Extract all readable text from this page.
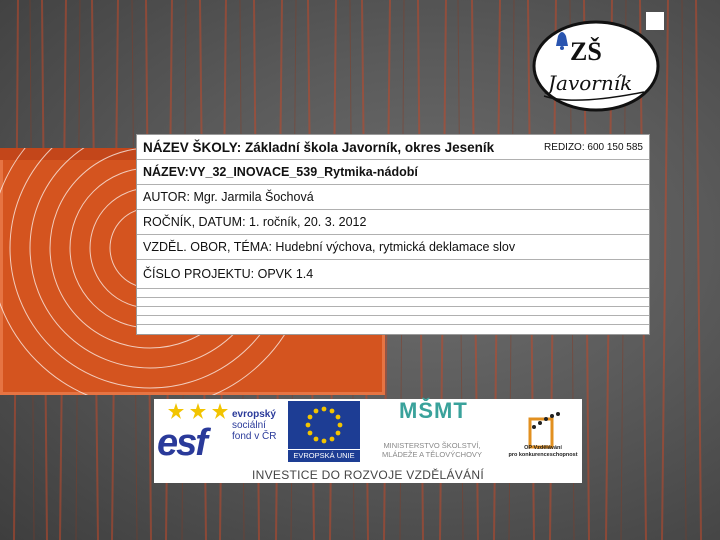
NÁZEV ŠKOLY: Základní škola Javorník, okres Jeseník	REDIZO: 600 150 585
NÁZEV:VY_32_INOVACE_539_Rytmika-nádobí
AUTOR: Mgr. Jarmila Šochová
ROČNÍK, DATUM: 1. ročník, 20. 3. 2012
VZDĚL. OBOR, TÉMA: Hudební výchova, rytmická deklamace slov
ČÍSLO PROJEKTU: OPVK 1.4
ZŠ
Javorník
esf
evropský
sociální
fond v ČR
EVROPSKÁ UNIE
MŠMT
MINISTERSTVO ŠKOLSTVÍ,
MLÁDEŽE A TĚLOVÝCHOVY
OP Vzdělávání
pro konkurenceschopnost
INVESTICE DO ROZVOJE VZDĚLÁVÁNÍ
